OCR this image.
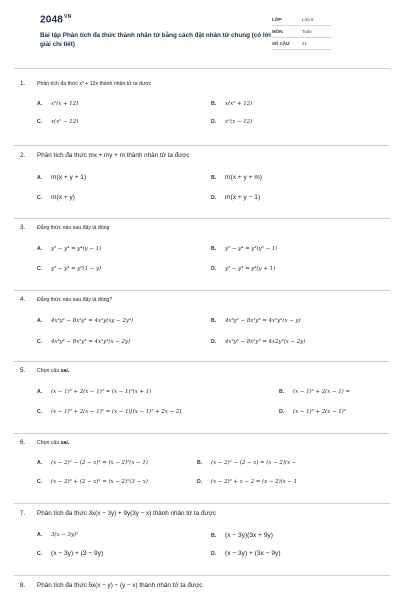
$2048^{VN}$
Bài tập Phân tích đa thức thành nhân tử bằng cách đặt nhân tử chung (có lời giải chi tiết)
LỚP:	Lớp 8
MÔN:	Toán
SỐ CÂU:	21
1.	Phân tích đa thức x³ + 12x thành nhân tử ta được
A.	x²(x + 12)	B.	x(x² + 12)
C.	x(x² − 12)	D.	x²(x − 12)
2.	Phân tích đa thức mx + my + m thành nhân tử ta được
A.	m(x + y + 1)	B.	m(x + y + m)
C.	m(x + y)	D.	m(x + y − 1)
3.	Đẳng thức nào sau đây là đúng
A.	y⁵ − y⁴ = y⁴(y − 1)	B.	y⁵ − y⁴ = y³(y² − 1)
C.	y⁵ − y⁴ = y⁵(1 − y)	D.	y⁵ − y⁴ = y⁴(y + 1)
4.	Đẳng thức nào sau đây là đúng?
A.	4x³y² − 8x²y³ = 4x²y(xy − 2y²)	B.	4x³y² − 8x²y³ = 4x²y²(x − y)
C.	4x³y² − 8x²y³ = 4x²y²(x − 2y)	D.	4x³y² − 8x²y³ = 4x2y²(x − 2y)
5.	Chọn câu sai.
A.	(x − 1)³ + 2(x − 1)² = (x − 1)²(x + 1)	B.	(x − 1)³ + 2(x − 1) =
C.	(x − 1)³ + 2(x − 1)² = (x − 1)[(x − 1)² + 2x − 2]	D.	(x − 1)³ + 2(x − 1)²
6.	Chọn câu sai.
A.	(x − 2)² − (2 − x)³ = (x − 2)²(x − 1)	B.	(x − 2)² − (2 − x) = (x − 2)(x −
C.	(x − 2)³ + (2 − x)² = (x − 2)²(3 − x)	D.	(x − 2)² + x − 2 = (x − 2)(x − 1
7.	Phân tích đa thức 3x(x − 3y) + 9y(3y − x) thành nhân tử ta được
A.	3(x − 3y)²	B.	(x − 3y)(3x + 9y)
C.	(x − 3y) + (3 − 9y)	D.	(x − 3y) + (3x − 9y)
8.	Phân tích đa thức 5x(x − y) − (y − x) thành nhân tử ta được
